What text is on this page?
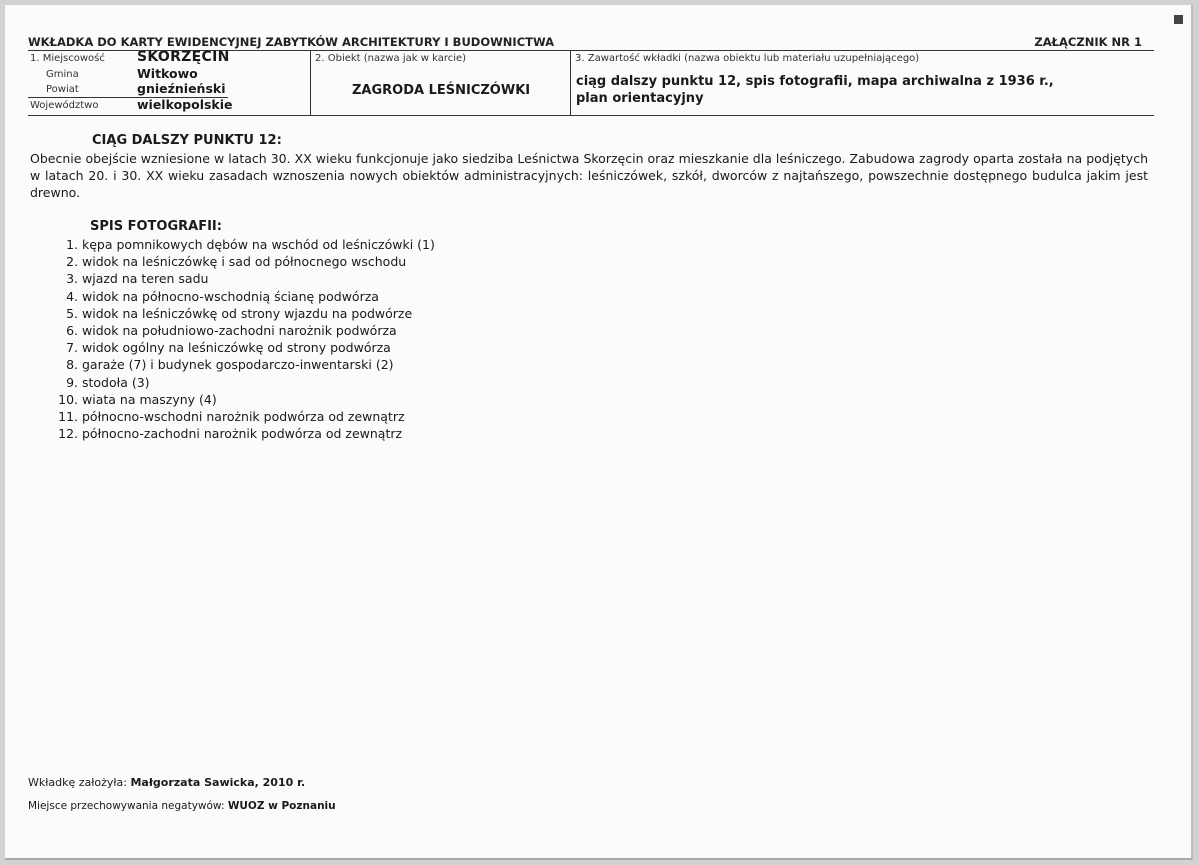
WKŁADKA DO KARTY EWIDENCYJNEJ ZABYTKÓW ARCHITEKTURY I BUDOWNICTWA	ZAŁĄCZNIK NR 1
1. Miejscowość SKORZĘCIN
Gmina	Witkowo
Powiat	gnieźnieński
Województwo	wielkopolskie
2. Obiekt (nazwa jak w karcie)
ZAGRODA LEŚNICZÓWKI
3. Zawartość wkładki (nazwa obiektu lub materiału uzupełniającego)
ciąg dalszy punktu 12, spis fotografii, mapa archiwalna z 1936 r.,
plan orientacyjny
CIĄG DALSZY PUNKTU 12:
Obecnie obejście wzniesione w latach 30. XX wieku funkcjonuje jako siedziba Leśnictwa Skorzęcin oraz mieszkanie dla leśniczego. Zabudowa zagrody oparta została na podjętych w latach 20. i 30. XX wieku zasadach wznoszenia nowych obiektów administracyjnych: leśniczówek, szkół, dworców z najtańszego, powszechnie dostępnego budulca jakim jest drewno.
SPIS FOTOGRAFII:
1. kępa pomnikowych dębów na wschód od leśniczówki (1)
2. widok na leśniczówkę i sad od północnego wschodu
3. wjazd na teren sadu
4. widok na północno-wschodnią ścianę podwórza
5. widok na leśniczówkę od strony wjazdu na podwórze
6. widok na południowo-zachodni narożnik podwórza
7. widok ogólny na leśniczówkę od strony podwórza
8. garaże (7) i budynek gospodarczo-inwentarski (2)
9. stodoła (3)
10. wiata na maszyny (4)
11. północno-wschodni narożnik podwórza od zewnątrz
12. północno-zachodni narożnik podwórza od zewnątrz
Wkładkę założyła: Małgorzata Sawicka, 2010 r.
Miejsce przechowywania negatywów: WUOZ w Poznaniu
